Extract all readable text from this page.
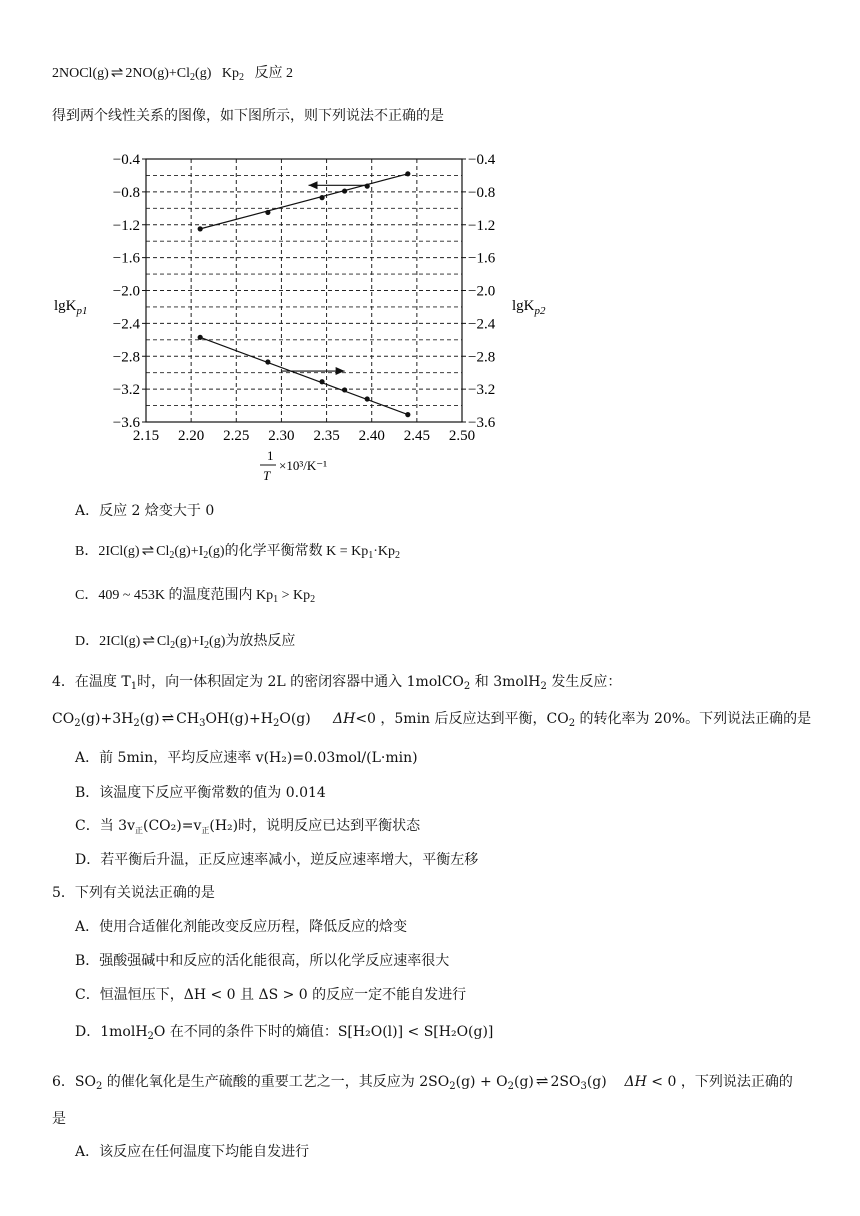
2NOCl(g) ⇌ $2NO(g)+Cl_2(g)$ $Kp_2$ 反应 2
得到两个线性关系的图像，如下图所示，则下列说法不正确的是
2.15 2.20 2.25 2.30 2.35 2.40 2.45 2.50
−0.4	−0.4
−0.8	−0.8
−1.2	−1.2
−1.6	−1.6
−2.0	−2.0
−2.4	−2.4
−2.8	−2.8
−3.2	−3.2
−3.6	−3.6
lgK$_{p1}$	lgK$_{p2}$
1
T
×10³/K⁻¹
A．反应 2 焓变大于 0
B．2ICl(g) ⇌ $Cl_2(g)+I_2(g)$的化学平衡常数 $K = Kp_1\cdot Kp_2$
C．409 ~ 453K 的温度范围内 $Kp_1 > Kp_2$
D．2ICl(g) ⇌ $Cl_2(g)+I_2(g)$为放热反应
4．在温度 $T_1$时，向一体积固定为 2L 的密闭容器中通入 1molCO$_2$ 和 3molH$_2$ 发生反应：
$CO_2(g)+3H_2(g)$ ⇌ $CH_3OH(g)+H_2O(g)$ ΔH<0 ，5min 后反应达到平衡，$CO_2$ 的转化率为 20%。下列说法正确的是
A．前 5min，平均反应速率 v(H₂)=0.03mol/(L·min)
B．该温度下反应平衡常数的值为 0.014
C．当 $3v_正(CO_2)=v_正(H_2)$时，说明反应已达到平衡状态
D．若平衡后升温，正反应速率减小，逆反应速率增大，平衡左移
5．下列有关说法正确的是
A．使用合适催化剂能改变反应历程，降低反应的焓变
B．强酸强碱中和反应的活化能很高，所以化学反应速率很大
C．恒温恒压下，ΔH < 0 且 ΔS > 0 的反应一定不能自发进行
D．1molH$_2$O 在不同的条件下时的熵值：S[H₂O(l)] < S[H₂O(g)]
6．$SO_2$ 的催化氧化是生产硫酸的重要工艺之一，其反应为 $2SO_2(g) + O_2(g)$ ⇌ $2SO_3(g) \Delta H < 0$ ，下列说法正确的
是
A．该反应在任何温度下均能自发进行
